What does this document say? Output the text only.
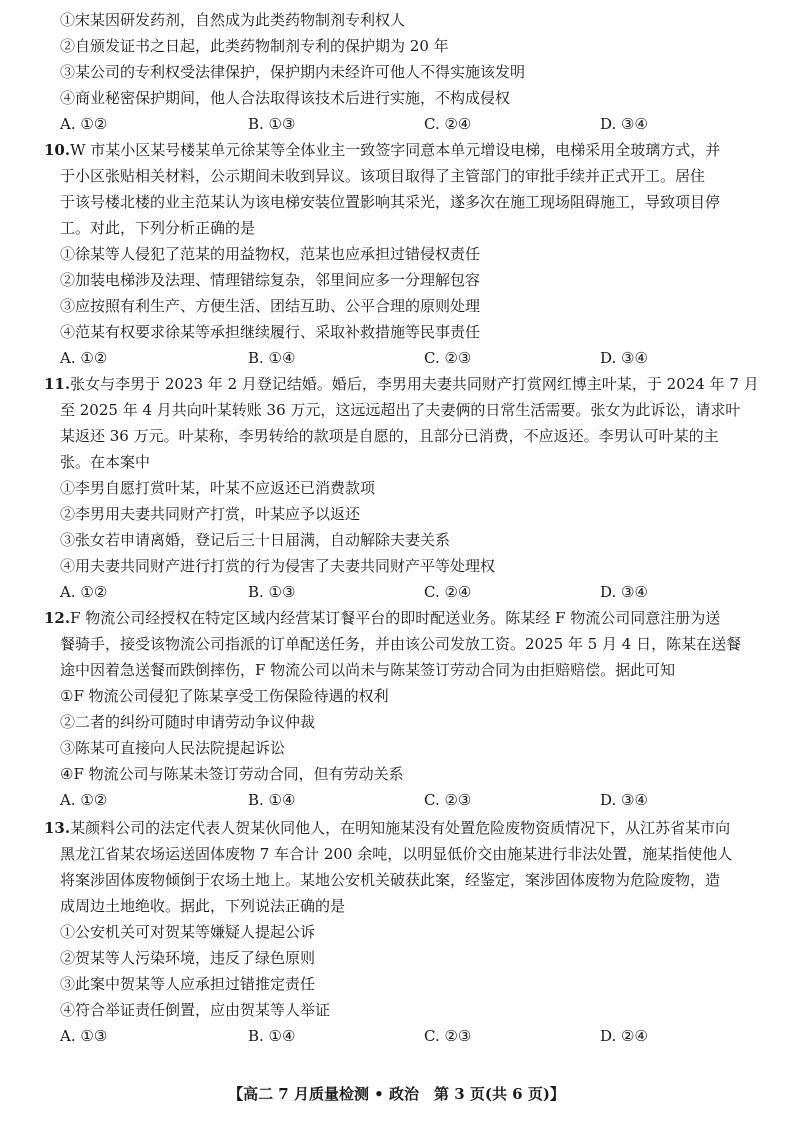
①宋某因研发药剂，自然成为此类药物制剂专利权人
②自颁发证书之日起，此类药物制剂专利的保护期为 20 年
③某公司的专利权受法律保护，保护期内未经许可他人不得实施该发明
④商业秘密保护期间，他人合法取得该技术后进行实施，不构成侵权
A. ①②	B. ①③	C. ②④	D. ③④
10.W 市某小区某号楼某单元徐某等全体业主一致签字同意本单元增设电梯，电梯采用全玻璃方式，并
于小区张贴相关材料，公示期间未收到异议。该项目取得了主管部门的审批手续并正式开工。居住
于该号楼北楼的业主范某认为该电梯安装位置影响其采光，遂多次在施工现场阻碍施工，导致项目停
工。对此，下列分析正确的是
①徐某等人侵犯了范某的用益物权，范某也应承担过错侵权责任
②加装电梯涉及法理、情理错综复杂，邻里间应多一分理解包容
③应按照有利生产、方便生活、团结互助、公平合理的原则处理
④范某有权要求徐某等承担继续履行、采取补救措施等民事责任
A. ①②	B. ①④	C. ②③	D. ③④
11.张女与李男于 2023 年 2 月登记结婚。婚后，李男用夫妻共同财产打赏网红博主叶某，于 2024 年 7 月
至 2025 年 4 月共向叶某转账 36 万元，这远远超出了夫妻俩的日常生活需要。张女为此诉讼，请求叶
某返还 36 万元。叶某称，李男转给的款项是自愿的，且部分已消费，不应返还。李男认可叶某的主
张。在本案中
①李男自愿打赏叶某，叶某不应返还已消费款项
②李男用夫妻共同财产打赏，叶某应予以返还
③张女若申请离婚，登记后三十日届满，自动解除夫妻关系
④用夫妻共同财产进行打赏的行为侵害了夫妻共同财产平等处理权
A. ①②	B. ①③	C. ②④	D. ③④
12.F 物流公司经授权在特定区域内经营某订餐平台的即时配送业务。陈某经 F 物流公司同意注册为送
餐骑手，接受该物流公司指派的订单配送任务，并由该公司发放工资。2025 年 5 月 4 日，陈某在送餐
途中因着急送餐而跌倒摔伤，F 物流公司以尚未与陈某签订劳动合同为由拒赔赔偿。据此可知
①F 物流公司侵犯了陈某享受工伤保险待遇的权利
②二者的纠纷可随时申请劳动争议仲裁
③陈某可直接向人民法院提起诉讼
④F 物流公司与陈某未签订劳动合同，但有劳动关系
A. ①②	B. ①④	C. ②③	D. ③④
13.某颜料公司的法定代表人贺某伙同他人，在明知施某没有处置危险废物资质情况下，从江苏省某市向
黑龙江省某农场运送固体废物 7 车合计 200 余吨，以明显低价交由施某进行非法处置，施某指使他人
将案涉固体废物倾倒于农场土地上。某地公安机关破获此案，经鉴定，案涉固体废物为危险废物，造
成周边土地绝收。据此，下列说法正确的是
①公安机关可对贺某等嫌疑人提起公诉
②贺某等人污染环境，违反了绿色原则
③此案中贺某等人应承担过错推定责任
④符合举证责任倒置，应由贺某等人举证
A. ①③	B. ①④	C. ②③	D. ②④
【高二 7 月质量检测 • 政治　第 3 页(共 6 页)】
